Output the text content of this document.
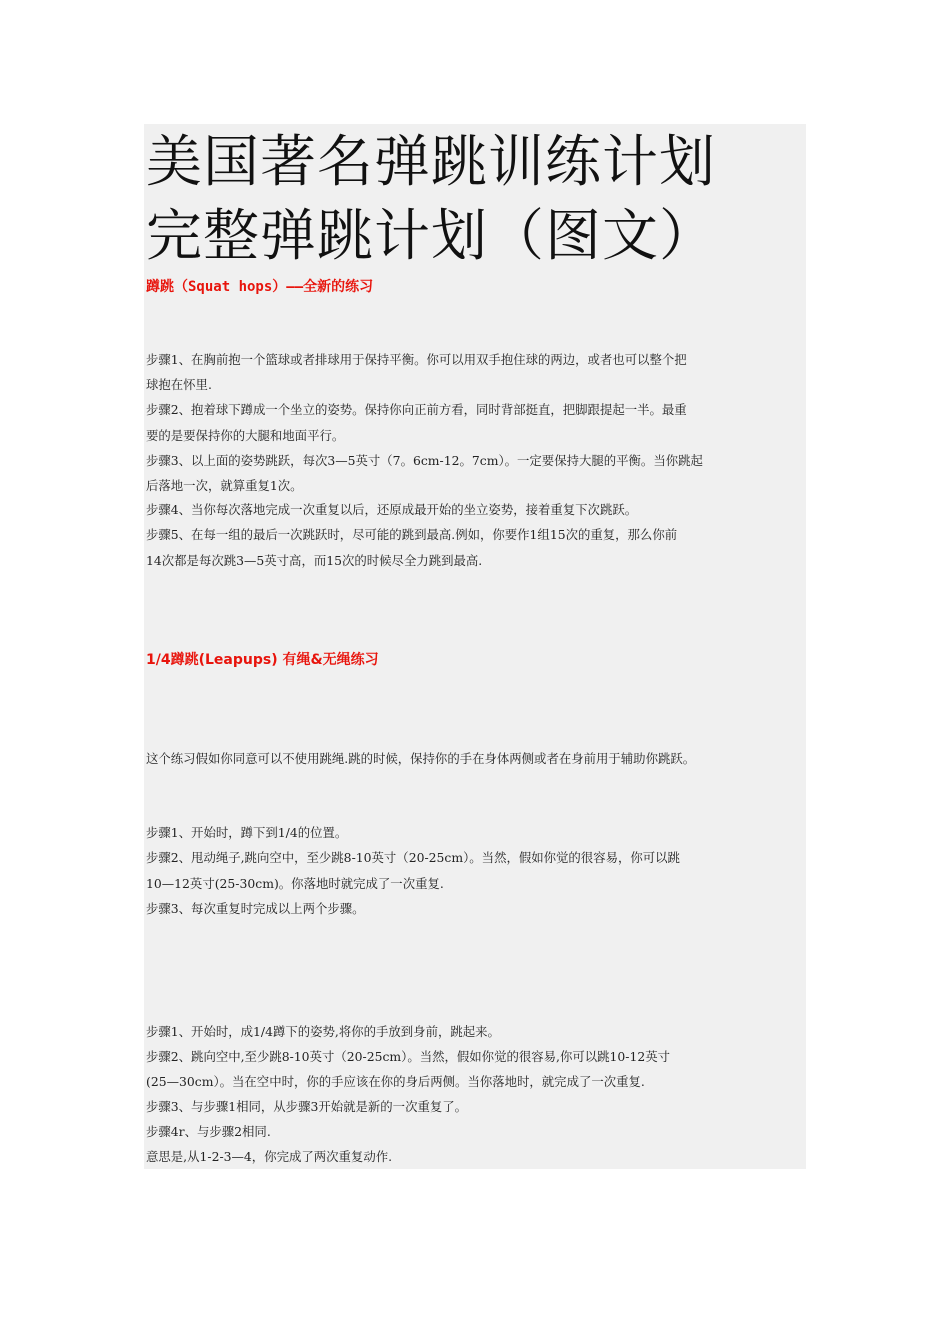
美国著名弹跳训练计划
完整弹跳计划（图文）
蹲跳（Squat hops）——全新的练习
步骤1、在胸前抱一个篮球或者排球用于保持平衡。你可以用双手抱住球的两边，或者也可以整个把
球抱在怀里.
步骤2、抱着球下蹲成一个坐立的姿势。保持你向正前方看，同时背部挺直，把脚跟提起一半。最重
要的是要保持你的大腿和地面平行。
步骤3、以上面的姿势跳跃，每次3—5英寸（7。6cm-12。7cm）。一定要保持大腿的平衡。当你跳起
后落地一次，就算重复1次。
步骤4、当你每次落地完成一次重复以后，还原成最开始的坐立姿势，接着重复下次跳跃。
步骤5、在每一组的最后一次跳跃时，尽可能的跳到最高.例如，你要作1组15次的重复，那么你前
14次都是每次跳3—5英寸高，而15次的时候尽全力跳到最高.
1/4蹲跳(Leapups) 有绳&无绳练习
这个练习假如你同意可以不使用跳绳.跳的时候，保持你的手在身体两侧或者在身前用于辅助你跳跃。
步骤1、开始时，蹲下到1/4的位置。
步骤2、甩动绳子,跳向空中，至少跳8-10英寸（20-25cm）。当然，假如你觉的很容易，你可以跳
10—12英寸(25-30cm)。你落地时就完成了一次重复.
步骤3、每次重复时完成以上两个步骤。
步骤1、开始时，成1/4蹲下的姿势,将你的手放到身前，跳起来。
步骤2、跳向空中,至少跳8-10英寸（20-25cm）。当然，假如你觉的很容易,你可以跳10-12英寸
(25—30cm）。当在空中时，你的手应该在你的身后两侧。当你落地时，就完成了一次重复.
步骤3、与步骤1相同，从步骤3开始就是新的一次重复了。
步骤4r、与步骤2相同.
意思是,从1-2-3—4，你完成了两次重复动作.
